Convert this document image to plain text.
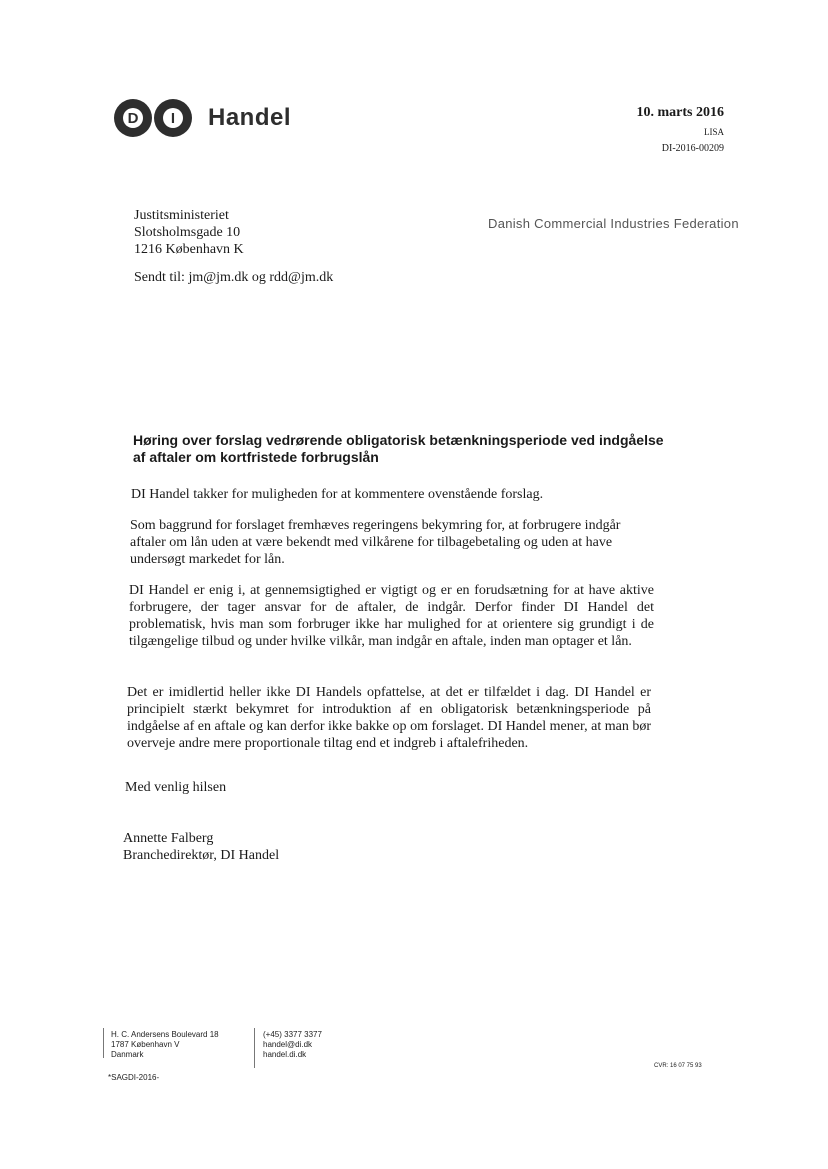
D	I	Handel	10. marts 2016
LISA
DI-2016-00209
Danish Commercial Industries Federation
Justitsministeriet
Slotsholmsgade 10
1216 København K
Sendt til: jm@jm.dk og rdd@jm.dk
Høring over forslag vedrørende obligatorisk betænkningsperiode ved indgåelse af aftaler om kortfristede forbrugslån
DI Handel takker for muligheden for at kommentere ovenstående forslag.
Som baggrund for forslaget fremhæves regeringens bekymring for, at forbrugere indgår aftaler om lån uden at være bekendt med vilkårene for tilbagebetaling og uden at have undersøgt markedet for lån.
DI Handel er enig i, at gennemsigtighed er vigtigt og er en forudsætning for at have aktive forbrugere, der tager ansvar for de aftaler, de indgår. Derfor finder DI Handel det problematisk, hvis man som forbruger ikke har mulighed for at orientere sig grundigt i de tilgængelige tilbud og under hvilke vilkår, man indgår en aftale, inden man optager et lån.
Det er imidlertid heller ikke DI Handels opfattelse, at det er tilfældet i dag. DI Handel er principielt stærkt bekymret for introduktion af en obligatorisk betænkningsperiode på indgåelse af en aftale og kan derfor ikke bakke op om forslaget. DI Handel mener, at man bør overveje andre mere proportionale tiltag end et indgreb i aftalefriheden.
Med venlig hilsen
Annette Falberg
Branchedirektør, DI Handel
H. C. Andersens Boulevard 18
1787 København V
Danmark
(+45) 3377 3377
handel@di.dk
handel.di.dk
CVR: 16 07 75 93
*SAGDI-2016-
